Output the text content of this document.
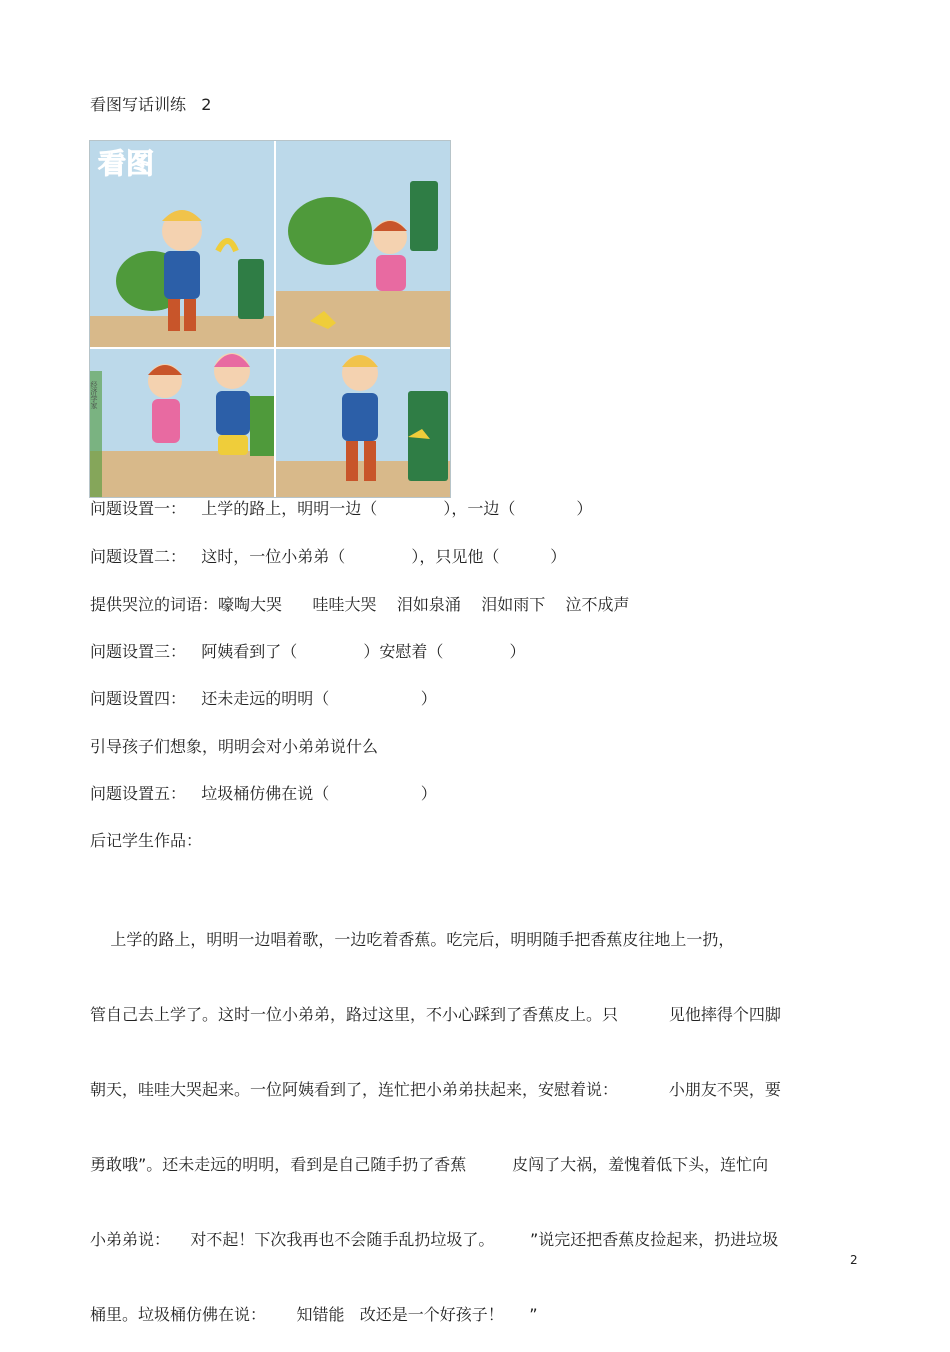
看图写话训练   2
看图
经济学家
问题设置一：   上学的路上，明明一边（             ），一边（            ）
问题设置二：   这时，一位小弟弟（             ），只见他（          ）
提供哭泣的词语：嚎啕大哭      哇哇大哭    泪如泉涌    泪如雨下    泣不成声
问题设置三：   阿姨看到了（             ）安慰着（             ）
问题设置四：   还未走远的明明（                  ）
引导孩子们想象，明明会对小弟弟说什么
问题设置五：   垃圾桶仿佛在说（                  ）
后记学生作品：

上学的路上，明明一边唱着歌，一边吃着香蕉。吃完后，明明随手把香蕉皮往地上一扔，

管自己去上学了。这时一位小弟弟，路过这里，不小心踩到了香蕉皮上。只          见他摔得个四脚

朝天，哇哇大哭起来。一位阿姨看到了，连忙把小弟弟扶起来，安慰着说：          小朋友不哭，要

勇敢哦”。还未走远的明明，看到是自己随手扔了香蕉         皮闯了大祸，羞愧着低下头，连忙向

小弟弟说：    对不起！下次我再也不会随手乱扔垃圾了。       ”说完还把香蕉皮捡起来，扔进垃圾

桶里。垃圾桶仿佛在说：      知错能   改还是一个好孩子！     ”

2
